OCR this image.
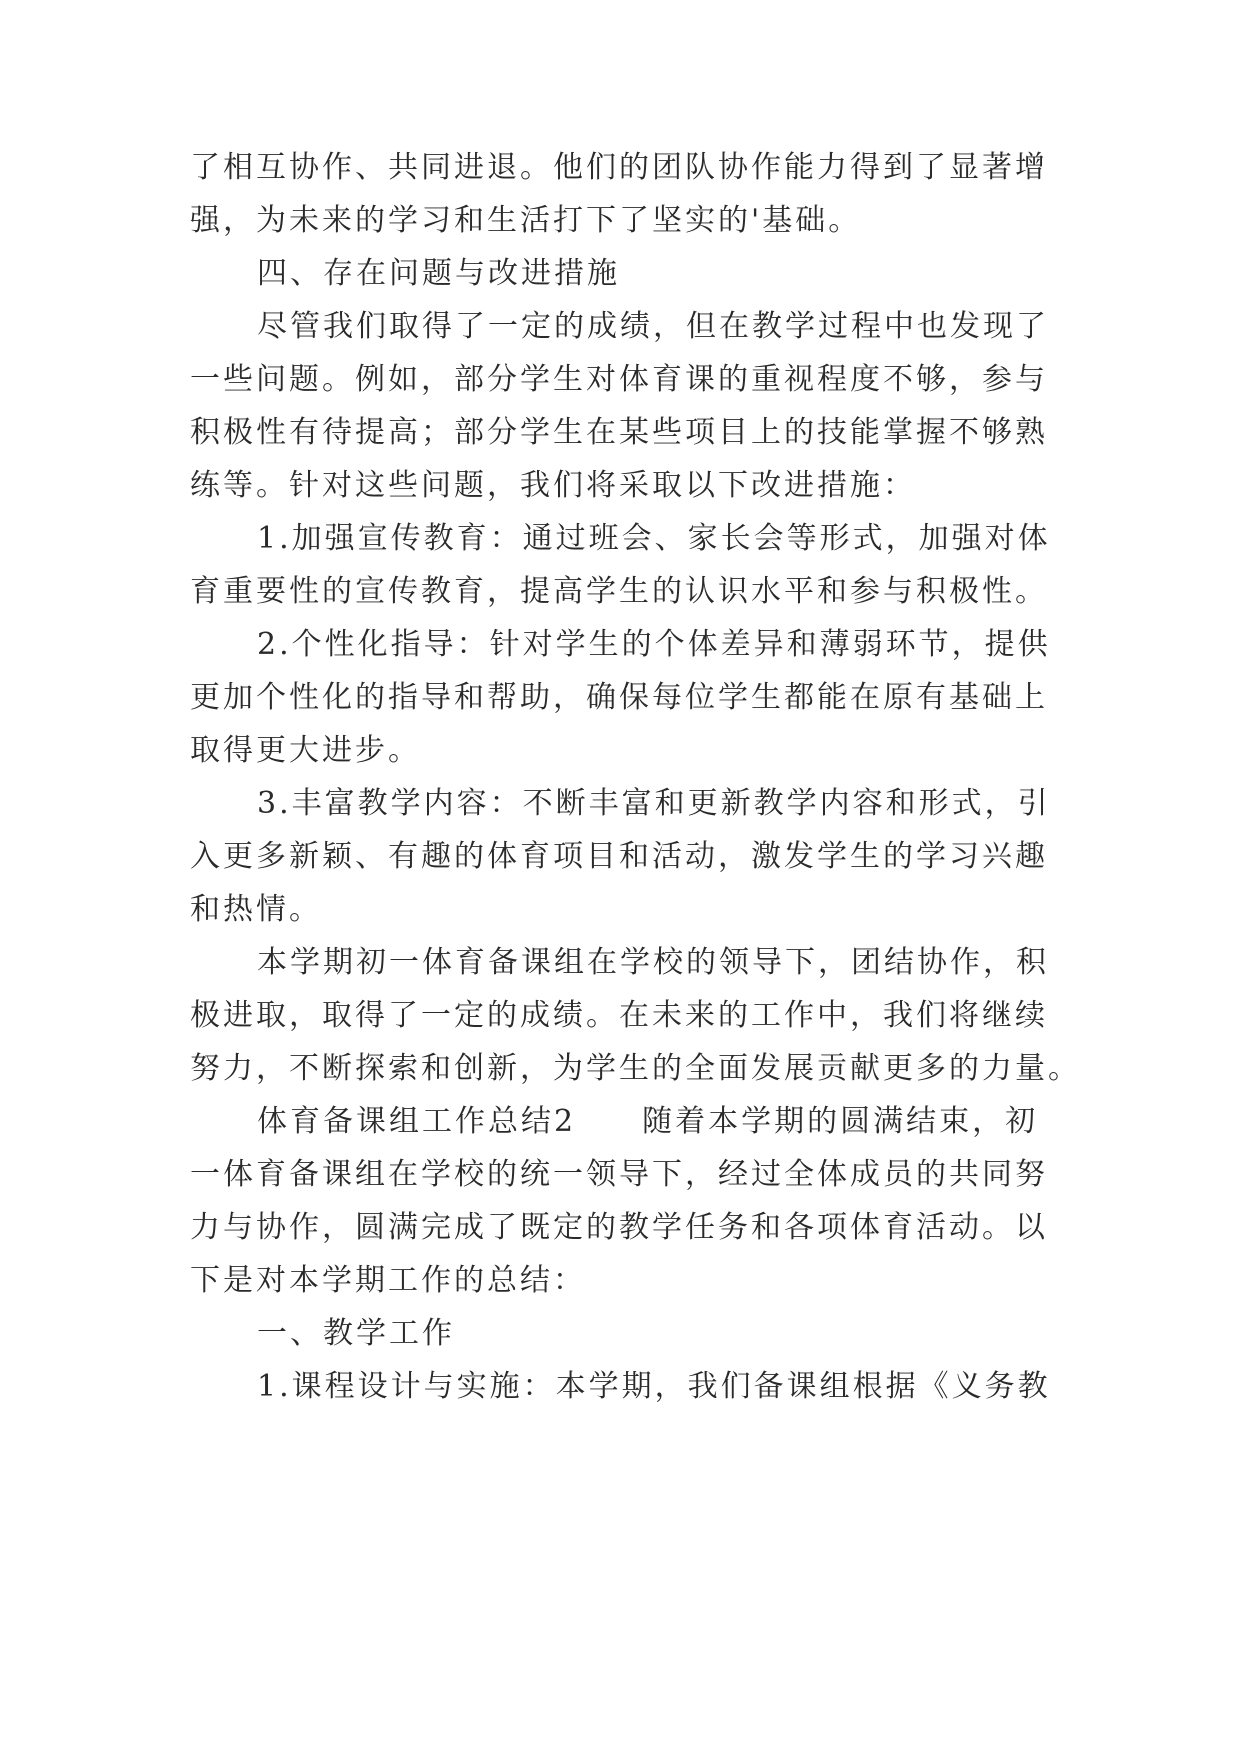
了相互协作、共同进退。他们的团队协作能力得到了显著增
强，为未来的学习和生活打下了坚实的'基础。
四、存在问题与改进措施
尽管我们取得了一定的成绩，但在教学过程中也发现了
一些问题。例如，部分学生对体育课的重视程度不够，参与
积极性有待提高；部分学生在某些项目上的技能掌握不够熟
练等。针对这些问题，我们将采取以下改进措施：
1.加强宣传教育：通过班会、家长会等形式，加强对体
育重要性的宣传教育，提高学生的认识水平和参与积极性。
2.个性化指导：针对学生的个体差异和薄弱环节，提供
更加个性化的指导和帮助，确保每位学生都能在原有基础上
取得更大进步。
3.丰富教学内容：不断丰富和更新教学内容和形式，引
入更多新颖、有趣的体育项目和活动，激发学生的学习兴趣
和热情。
本学期初一体育备课组在学校的领导下，团结协作，积
极进取，取得了一定的成绩。在未来的工作中，我们将继续
努力，不断探索和创新，为学生的全面发展贡献更多的力量。
体育备课组工作总结2　　随着本学期的圆满结束，初
一体育备课组在学校的统一领导下，经过全体成员的共同努
力与协作，圆满完成了既定的教学任务和各项体育活动。以
下是对本学期工作的总结：
一、教学工作
1.课程设计与实施：本学期，我们备课组根据《义务教
